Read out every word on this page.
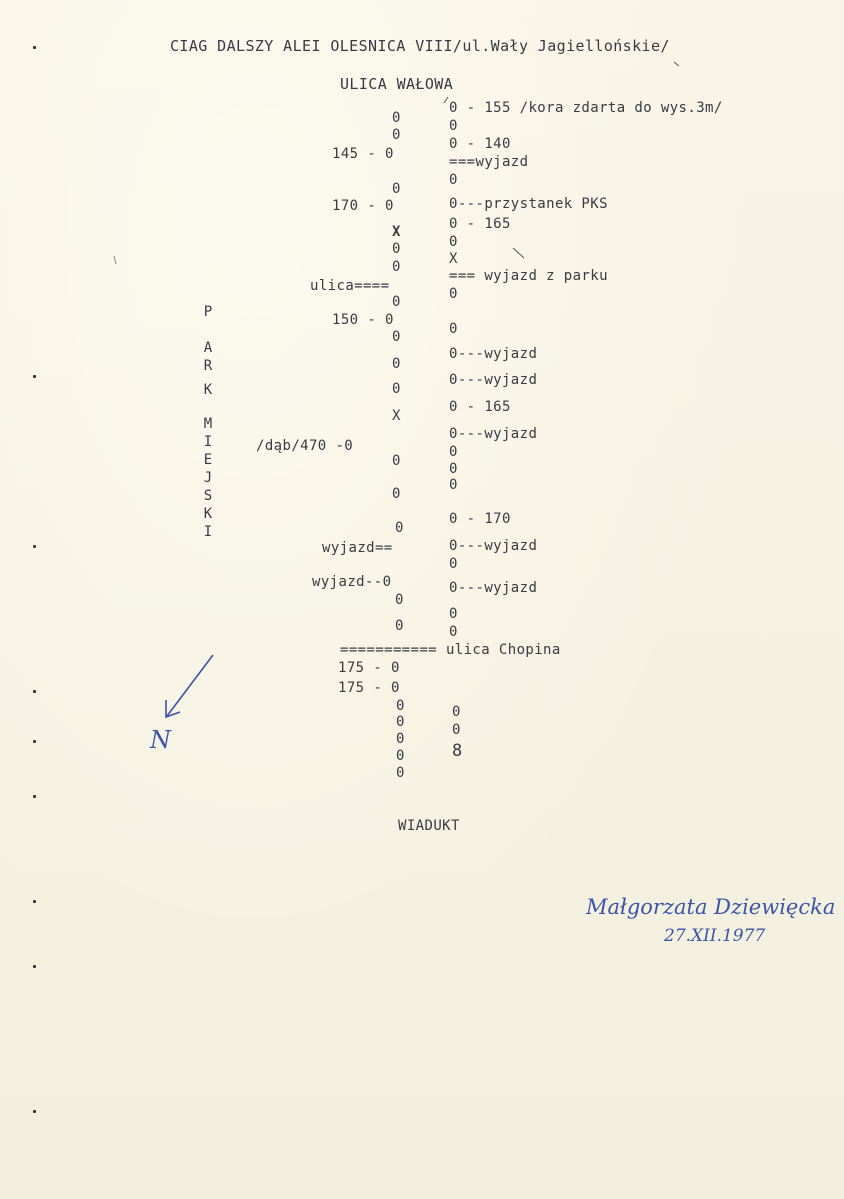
CIAG DALSZY ALEI OLESNICA VIII/ul.Wały Jagiellońskie/
ULICA WAŁOWA
0
0
145 - 0
0
170 - 0
X
0
0
ulica====
0
150 - 0
0
0
0
X
/dąb/470 -0
0
0
0
wyjazd==
wyjazd--0
0
0
175 - 0
175 - 0
0
0
0
0
0
0 - 155 /kora zdarta do wys.3m/
0
0 - 140
===wyjazd
0
0---przystanek PKS
0 - 165
0
X
=== wyjazd z parku
0
0
0---wyjazd
0---wyjazd
0 - 165
0---wyjazd
0
0
0
0 - 170
0---wyjazd
0
0---wyjazd
0
0
0
0
8
=========== ulica Chopina
P
A
R
K
M
I
E
J
S
K
I
WIADUKT
N
Małgorzata Dziewięcka
27.XII.1977
